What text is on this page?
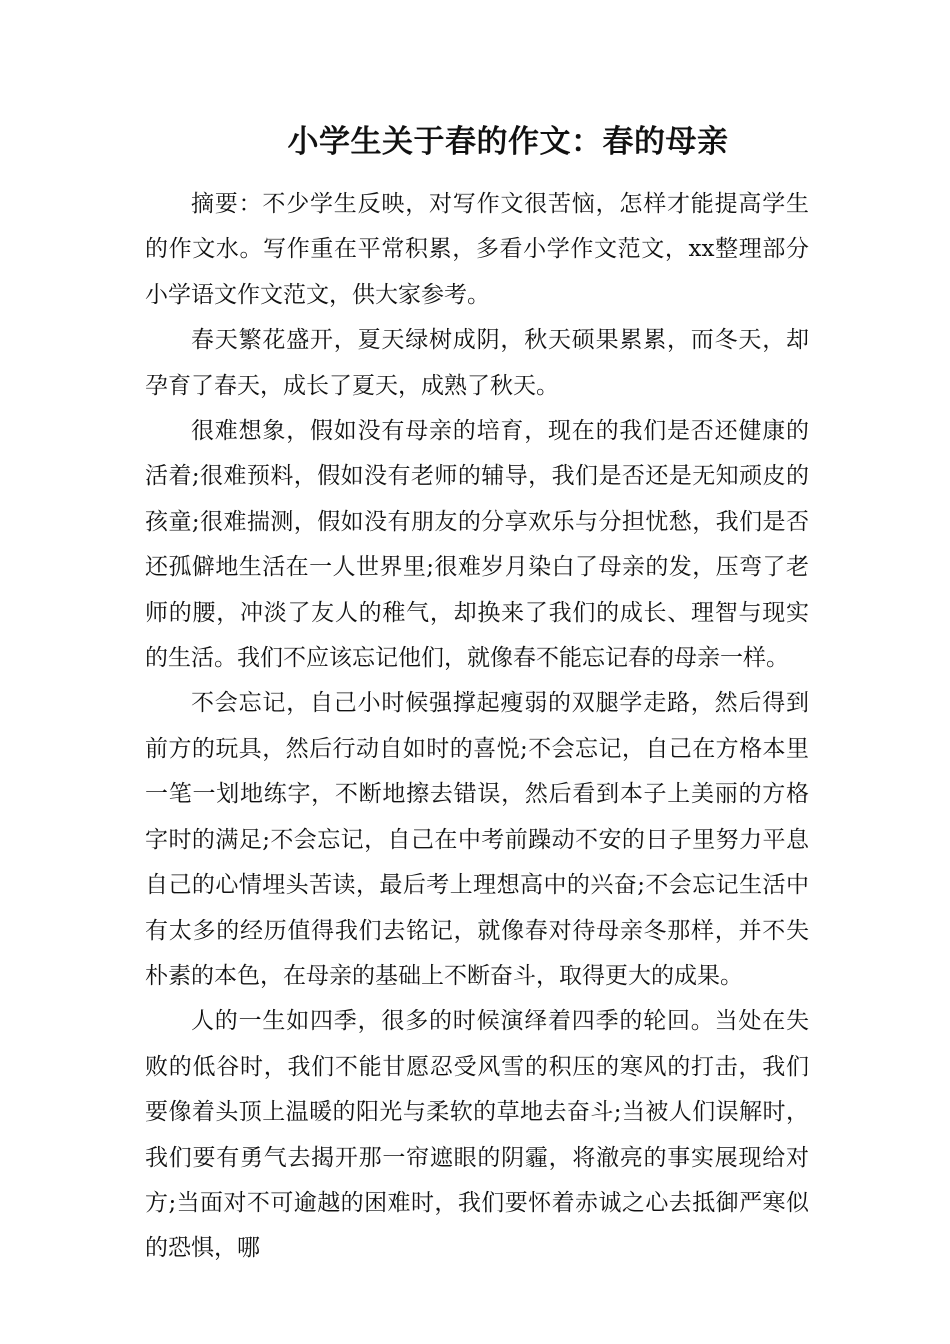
小学生关于春的作文：春的母亲

摘要：不少学生反映，对写作文很苦恼，怎样才能提高学生的作文水。写作重在平常积累，多看小学作文范文，xx整理部分小学语文作文范文，供大家参考。

春天繁花盛开，夏天绿树成阴，秋天硕果累累，而冬天，却孕育了春天，成长了夏天，成熟了秋天。

很难想象，假如没有母亲的培育，现在的我们是否还健康的活着;很难预料，假如没有老师的辅导，我们是否还是无知顽皮的孩童;很难揣测，假如没有朋友的分享欢乐与分担忧愁，我们是否还孤僻地生活在一人世界里;很难岁月染白了母亲的发，压弯了老师的腰，冲淡了友人的稚气，却换来了我们的成长、理智与现实的生活。我们不应该忘记他们，就像春不能忘记春的母亲一样。

不会忘记，自己小时候强撑起瘦弱的双腿学走路，然后得到前方的玩具，然后行动自如时的喜悦;不会忘记，自己在方格本里一笔一划地练字，不断地擦去错误，然后看到本子上美丽的方格字时的满足;不会忘记，自己在中考前躁动不安的日子里努力平息自己的心情埋头苦读，最后考上理想高中的兴奋;不会忘记生活中有太多的经历值得我们去铭记，就像春对待母亲冬那样，并不失朴素的本色，在母亲的基础上不断奋斗，取得更大的成果。

人的一生如四季，很多的时候演绎着四季的轮回。当处在失败的低谷时，我们不能甘愿忍受风雪的积压的寒风的打击，我们要像着头顶上温暖的阳光与柔软的草地去奋斗;当被人们误解时，我们要有勇气去揭开那一帘遮眼的阴霾，将澈亮的事实展现给对方;当面对不可逾越的困难时，我们要怀着赤诚之心去抵御严寒似的恐惧，哪
